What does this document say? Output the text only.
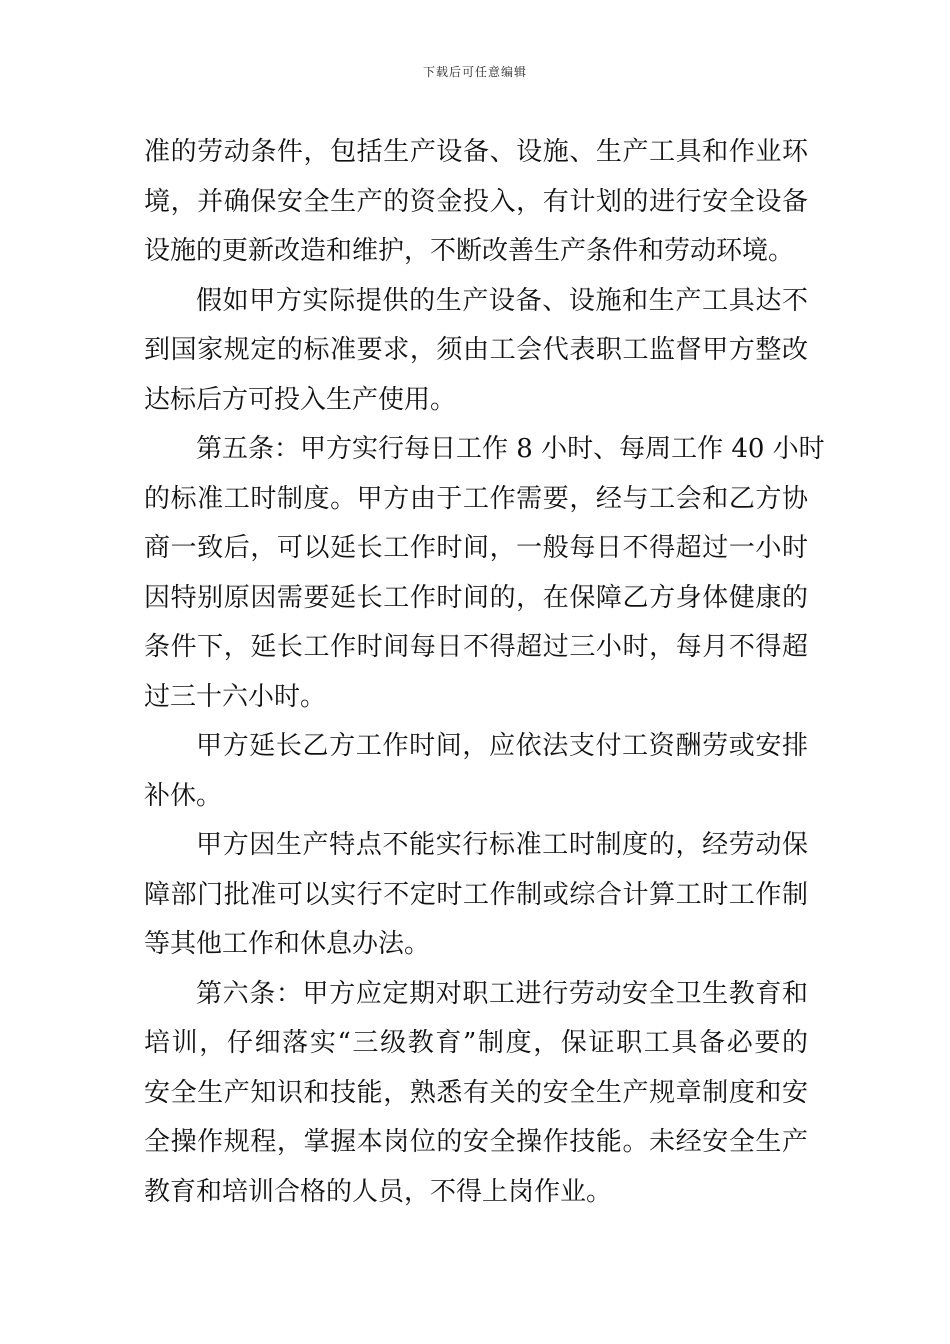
下载后可任意编辑
准的劳动条件，包括生产设备、设施、生产工具和作业环
境，并确保安全生产的资金投入，有计划的进行安全设备
设施的更新改造和维护，不断改善生产条件和劳动环境。
假如甲方实际提供的生产设备、设施和生产工具达不
到国家规定的标准要求，须由工会代表职工监督甲方整改
达标后方可投入生产使用。
第五条：甲方实行每日工作 8 小时、每周工作 40 小时
的标准工时制度。甲方由于工作需要，经与工会和乙方协
商一致后，可以延长工作时间，一般每日不得超过一小时
因特别原因需要延长工作时间的，在保障乙方身体健康的
条件下，延长工作时间每日不得超过三小时，每月不得超
过三十六小时。
甲方延长乙方工作时间，应依法支付工资酬劳或安排
补休。
甲方因生产特点不能实行标准工时制度的，经劳动保
障部门批准可以实行不定时工作制或综合计算工时工作制
等其他工作和休息办法。
第六条：甲方应定期对职工进行劳动安全卫生教育和
培训，仔细落实“三级教育”制度，保证职工具备必要的
安全生产知识和技能，熟悉有关的安全生产规章制度和安
全操作规程，掌握本岗位的安全操作技能。未经安全生产
教育和培训合格的人员，不得上岗作业。
